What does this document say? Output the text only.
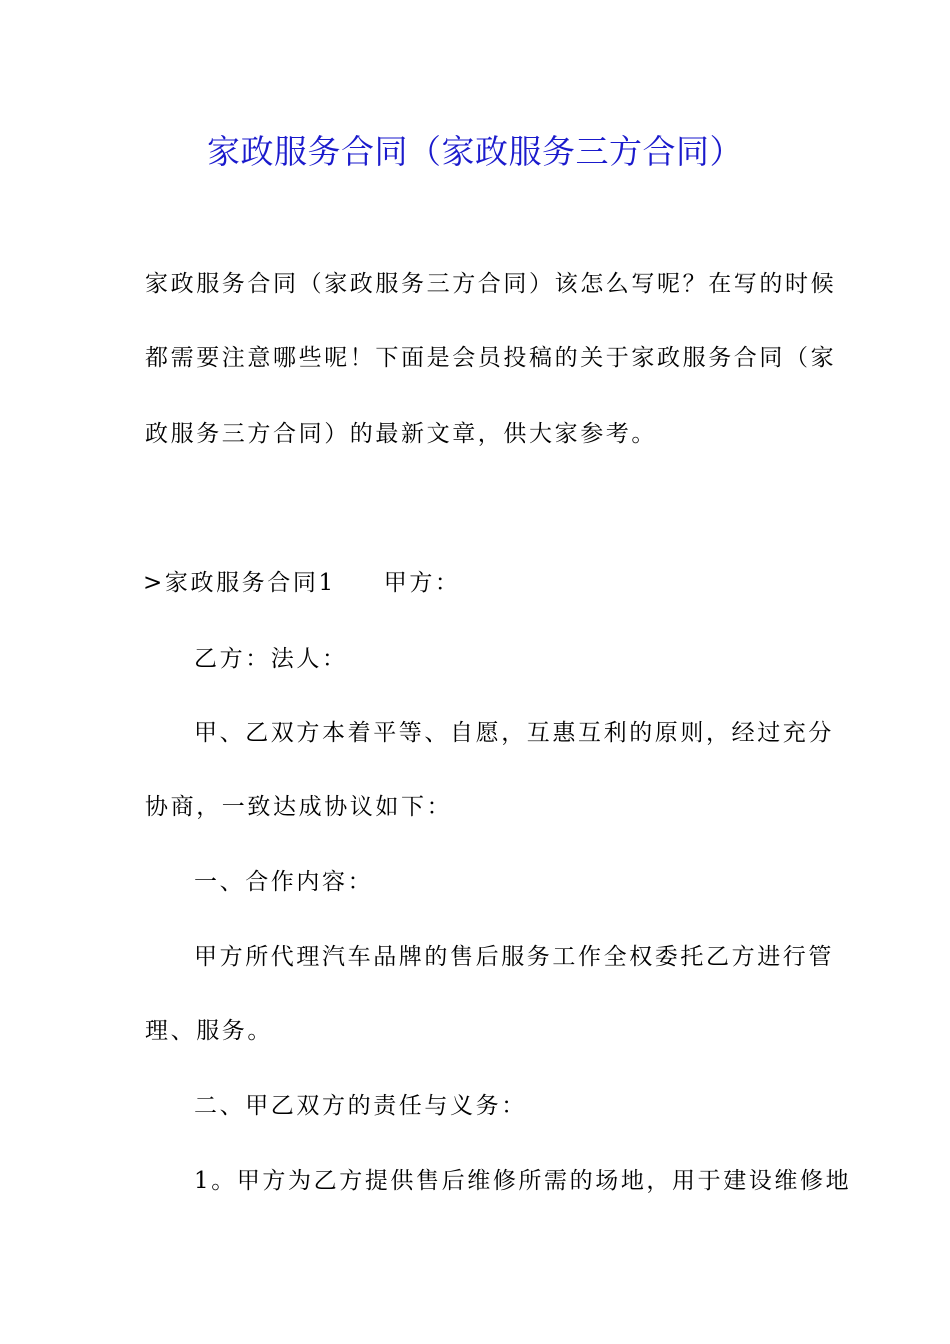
家政服务合同（家政服务三方合同）
家政服务合同（家政服务三方合同）该怎么写呢？在写的时候
都需要注意哪些呢！下面是会员投稿的关于家政服务合同（家
政服务三方合同）的最新文章，供大家参考。
>家政服务合同1 甲方：
乙方：法人：
甲、乙双方本着平等、自愿，互惠互利的原则，经过充分
协商，一致达成协议如下：
一、合作内容：
甲方所代理汽车品牌的售后服务工作全权委托乙方进行管
理、服务。
二、甲乙双方的责任与义务：
1。甲方为乙方提供售后维修所需的场地，用于建设维修地
